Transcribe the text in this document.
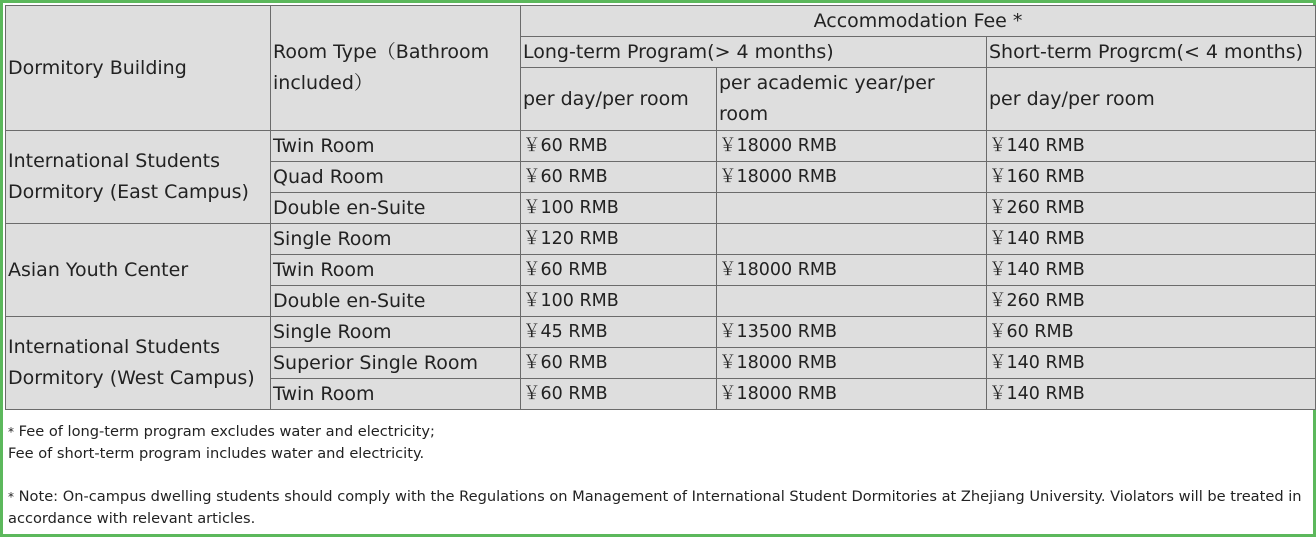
Dormitory Building	Room Type（Bathroom included）	Accommodation Fee *		
		Long-term Program(> 4 months)		Short-term Progrcm(< 4 months)
		per day/per room	per academic year/per room	per day/per room
International Students Dormitory (East Campus)	Twin Room	￥60 RMB	￥18000 RMB	￥140 RMB
	Quad Room	￥60 RMB	￥18000 RMB	￥160 RMB
	Double en-Suite	￥100 RMB		￥260 RMB
Asian Youth Center	Single Room	￥120 RMB		￥140 RMB
	Twin Room	￥60 RMB	￥18000 RMB	￥140 RMB
	Double en-Suite	￥100 RMB		￥260 RMB
International Students Dormitory (West Campus)	Single Room	￥45 RMB	￥13500 RMB	￥60 RMB
	Superior Single Room	￥60 RMB	￥18000 RMB	￥140 RMB
	Twin Room	￥60 RMB	￥18000 RMB	￥140 RMB
* Fee of long-term program excludes water and electricity;
Fee of short-term program includes water and electricity.
* Note: On-campus dwelling students should comply with the Regulations on Management of International Student Dormitories at Zhejiang University. Violators will be treated in accordance with relevant articles.
